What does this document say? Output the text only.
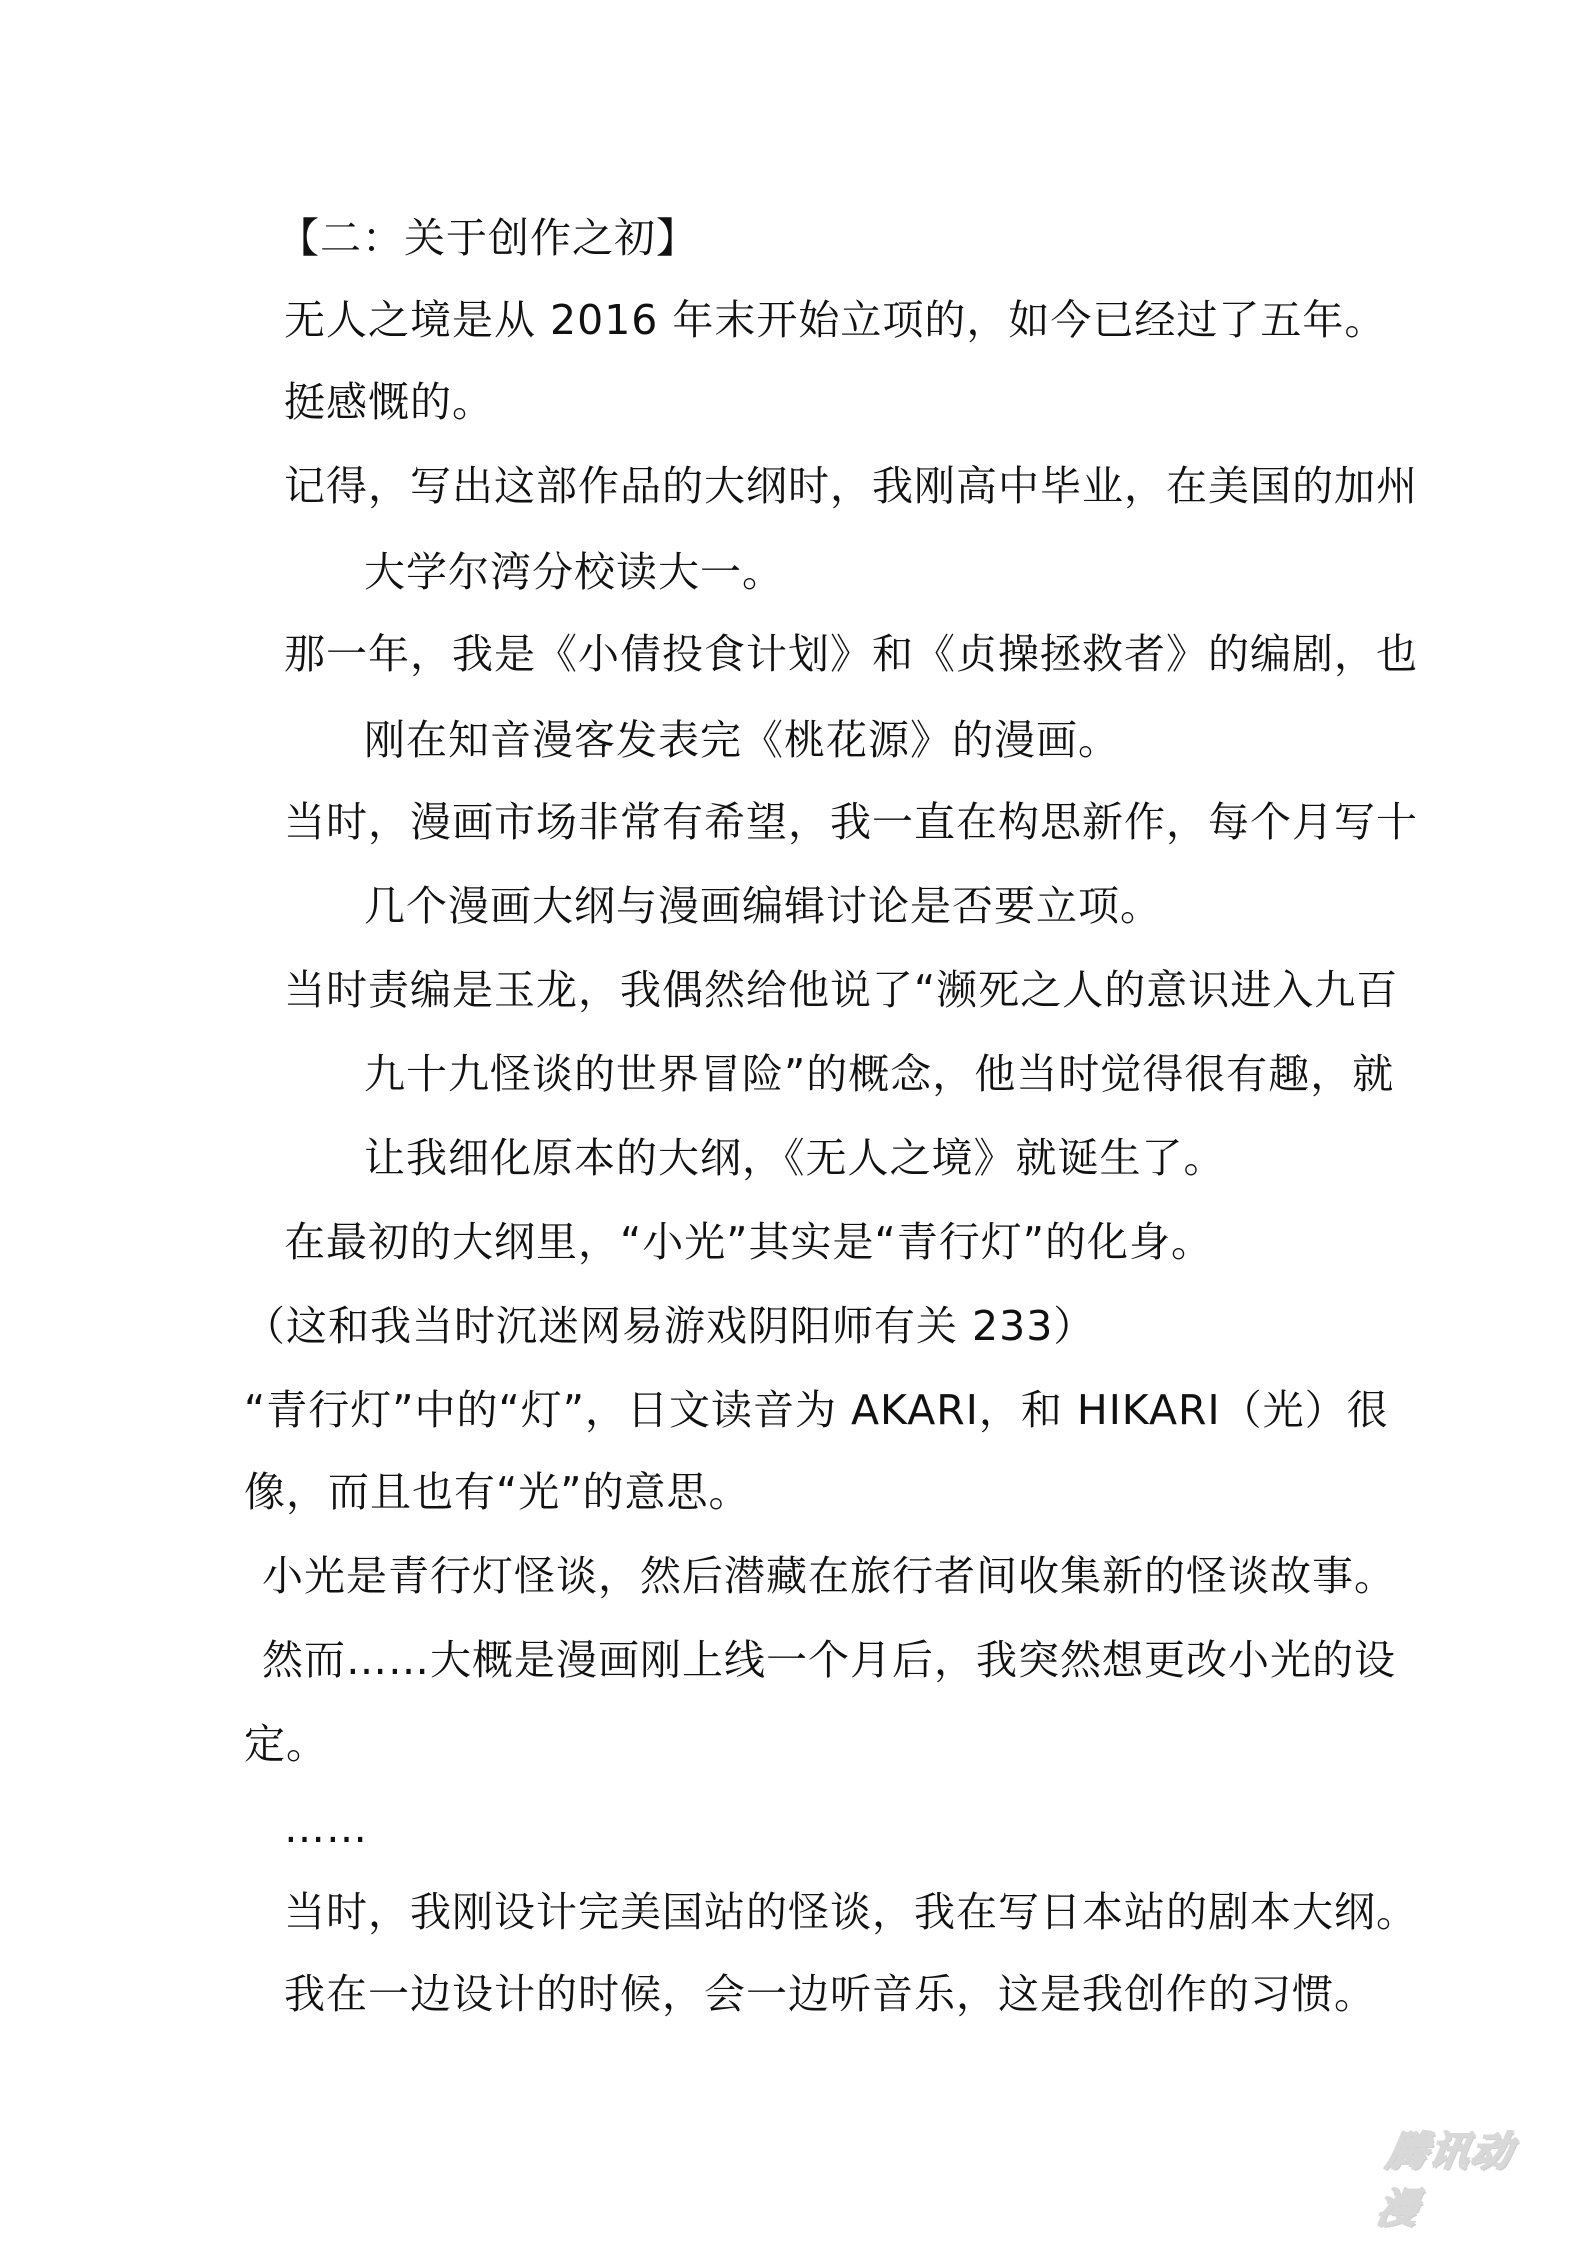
【二：关于创作之初】
无人之境是从 2016 年末开始立项的，如今已经过了五年。
挺感慨的。
记得，写出这部作品的大纲时，我刚高中毕业，在美国的加州
大学尔湾分校读大一。
那一年，我是《小倩投食计划》和《贞操拯救者》的编剧，也
刚在知音漫客发表完《桃花源》的漫画。
当时，漫画市场非常有希望，我一直在构思新作，每个月写十
几个漫画大纲与漫画编辑讨论是否要立项。
当时责编是玉龙，我偶然给他说了“濒死之人的意识进入九百
九十九怪谈的世界冒险”的概念，他当时觉得很有趣，就
让我细化原本的大纲，《无人之境》就诞生了。
在最初的大纲里，“小光”其实是“青行灯”的化身。
（这和我当时沉迷网易游戏阴阳师有关 233）
“青行灯”中的“灯”，日文读音为 AKARI，和 HIKARI（光）很
像，而且也有“光”的意思。
小光是青行灯怪谈，然后潜藏在旅行者间收集新的怪谈故事。
然而……大概是漫画刚上线一个月后，我突然想更改小光的设
定。
……
当时，我刚设计完美国站的怪谈，我在写日本站的剧本大纲。
我在一边设计的时候，会一边听音乐，这是我创作的习惯。
腾讯动漫
